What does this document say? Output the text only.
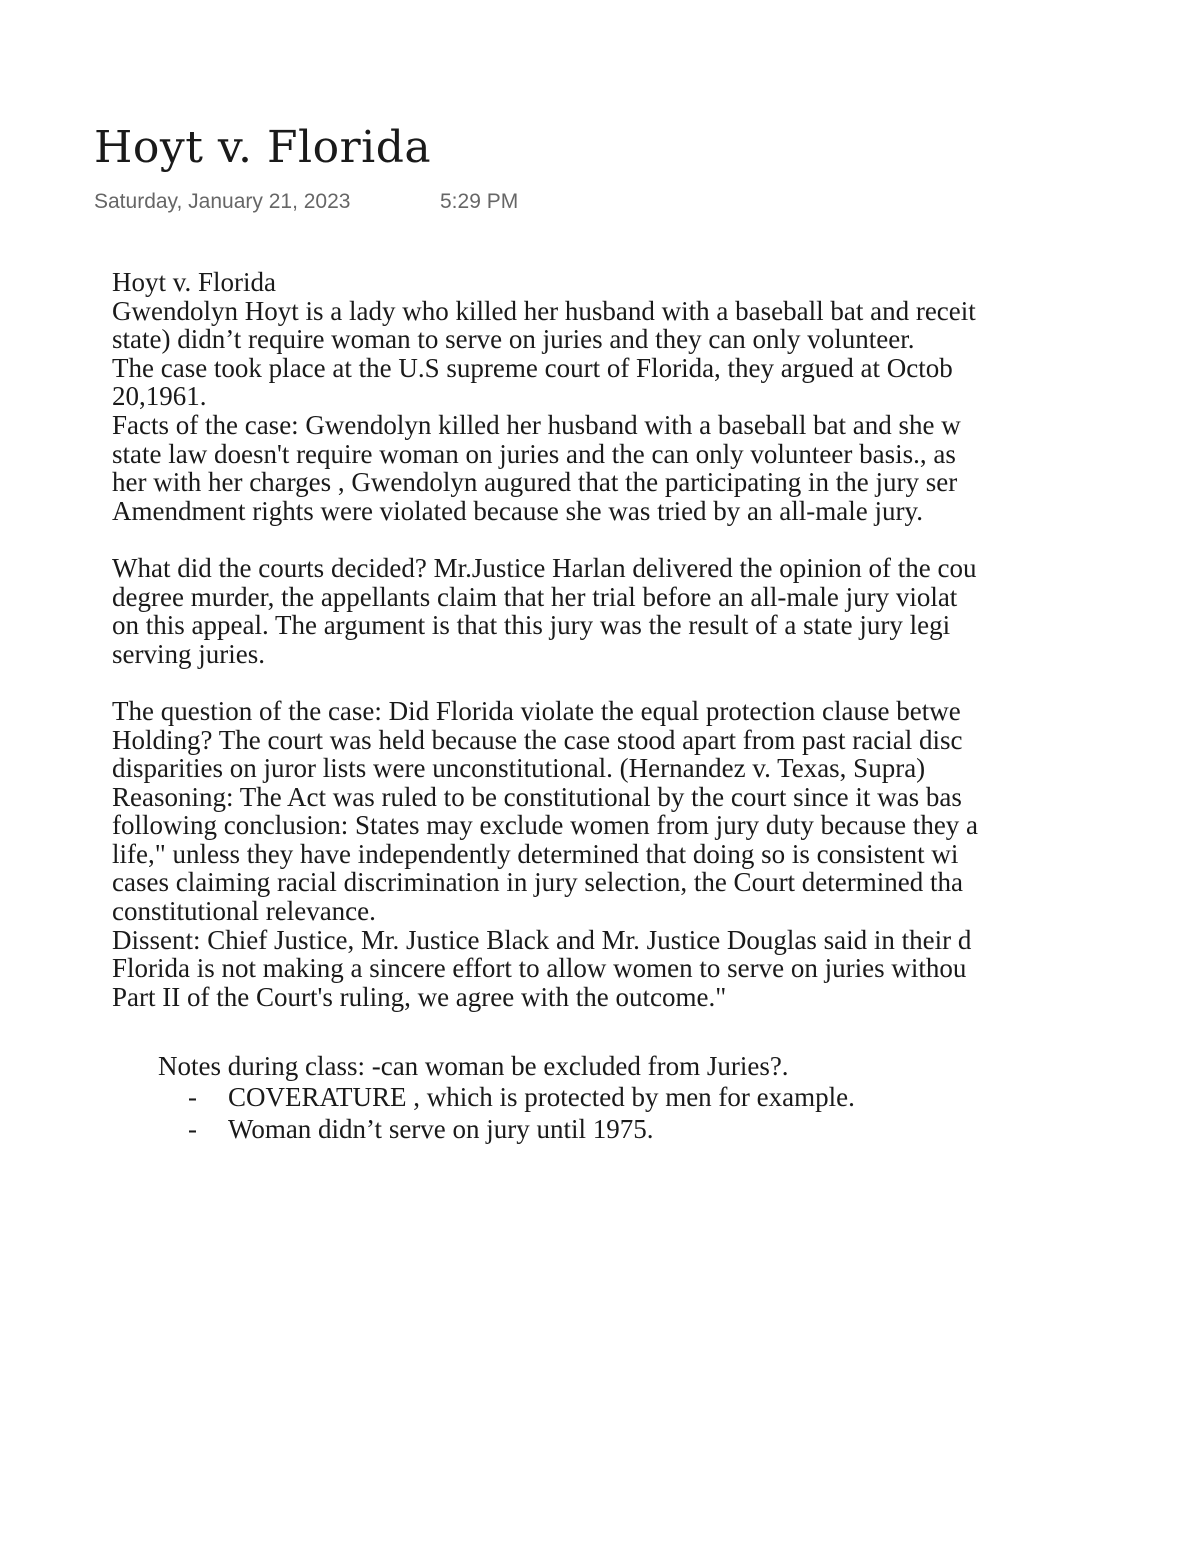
Hoyt v. Florida
Saturday, January 21, 2023	5:29 PM
Hoyt v. Florida
Gwendolyn Hoyt is a lady who killed her husband with a baseball bat and receit
state) didn’t require woman to serve on juries and they can only volunteer.
The case took place at the U.S supreme court of Florida, they argued at Octob
20,1961.
Facts of the case: Gwendolyn killed her husband with a baseball bat and she w
state law doesn't require woman on juries and the can only volunteer basis., as
her with her charges , Gwendolyn augured that the participating in the jury ser
Amendment rights were violated because she was tried by an all-male jury.
What did the courts decided? Mr.Justice Harlan delivered the opinion of the cou
degree murder, the appellants claim that her trial before an all-male jury violat
on this appeal. The argument is that this jury was the result of a state jury legi
serving juries.
The question of the case: Did Florida violate the equal protection clause betwe
Holding? The court was held because the case stood apart from past racial disc
disparities on juror lists were unconstitutional. (Hernandez v. Texas, Supra)
Reasoning: The Act was ruled to be constitutional by the court since it was bas
following conclusion: States may exclude women from jury duty because they a
life," unless they have independently determined that doing so is consistent wi
cases claiming racial discrimination in jury selection, the Court determined tha
constitutional relevance.
Dissent: Chief Justice, Mr. Justice Black and Mr. Justice Douglas said in their d
Florida is not making a sincere effort to allow women to serve on juries withou
Part II of the Court's ruling, we agree with the outcome."
Notes during class: -can woman be excluded from Juries?.
- COVERATURE , which is protected by men for example.
- Woman didn’t serve on jury until 1975.
